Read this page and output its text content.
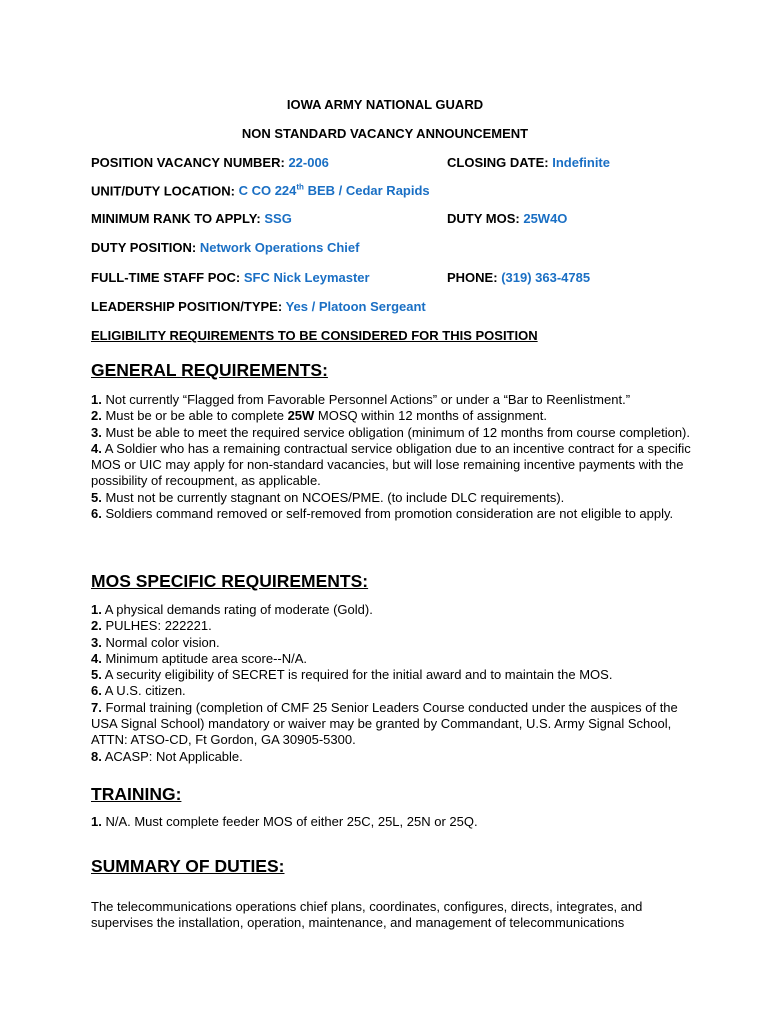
IOWA ARMY NATIONAL GUARD
NON STANDARD VACANCY ANNOUNCEMENT
POSITION VACANCY NUMBER: 22-006	CLOSING DATE: Indefinite
UNIT/DUTY LOCATION: C CO 224th BEB / Cedar Rapids
MINIMUM RANK TO APPLY: SSG	DUTY MOS: 25W4O
DUTY POSITION: Network Operations Chief
FULL-TIME STAFF POC: SFC Nick Leymaster	PHONE: (319) 363-4785
LEADERSHIP POSITION/TYPE: Yes / Platoon Sergeant
ELIGIBILITY REQUIREMENTS TO BE CONSIDERED FOR THIS POSITION
GENERAL REQUIREMENTS:

1. Not currently “Flagged from Favorable Personnel Actions” or under a “Bar to Reenlistment.”

2. Must be or be able to complete 25W MOSQ within 12 months of assignment.

3. Must be able to meet the required service obligation (minimum of 12 months from course completion).

4. A Soldier who has a remaining contractual service obligation due to an incentive contract for a specific MOS or UIC may apply for non-standard vacancies, but will lose remaining incentive payments with the possibility of recoupment, as applicable.

5. Must not be currently stagnant on NCOES/PME. (to include DLC requirements).

6. Soldiers command removed or self-removed from promotion consideration are not eligible to apply.

MOS SPECIFIC REQUIREMENTS:

1. A physical demands rating of moderate (Gold).

2. PULHES: 222221.

3. Normal color vision.

4. Minimum aptitude area score--N/A.

5. A security eligibility of SECRET is required for the initial award and to maintain the MOS.

6. A U.S. citizen.

7. Formal training (completion of CMF 25 Senior Leaders Course conducted under the auspices of the USA Signal School) mandatory or waiver may be granted by Commandant, U.S. Army Signal School, ATTN: ATSO-CD, Ft Gordon, GA 30905-5300.

8. ACASP: Not Applicable.

TRAINING:

1. N/A. Must complete feeder MOS of either 25C, 25L, 25N or 25Q.

SUMMARY OF DUTIES:
The telecommunications operations chief plans, coordinates, configures, directs, integrates, and supervises the installation, operation, maintenance, and management of telecommunications
